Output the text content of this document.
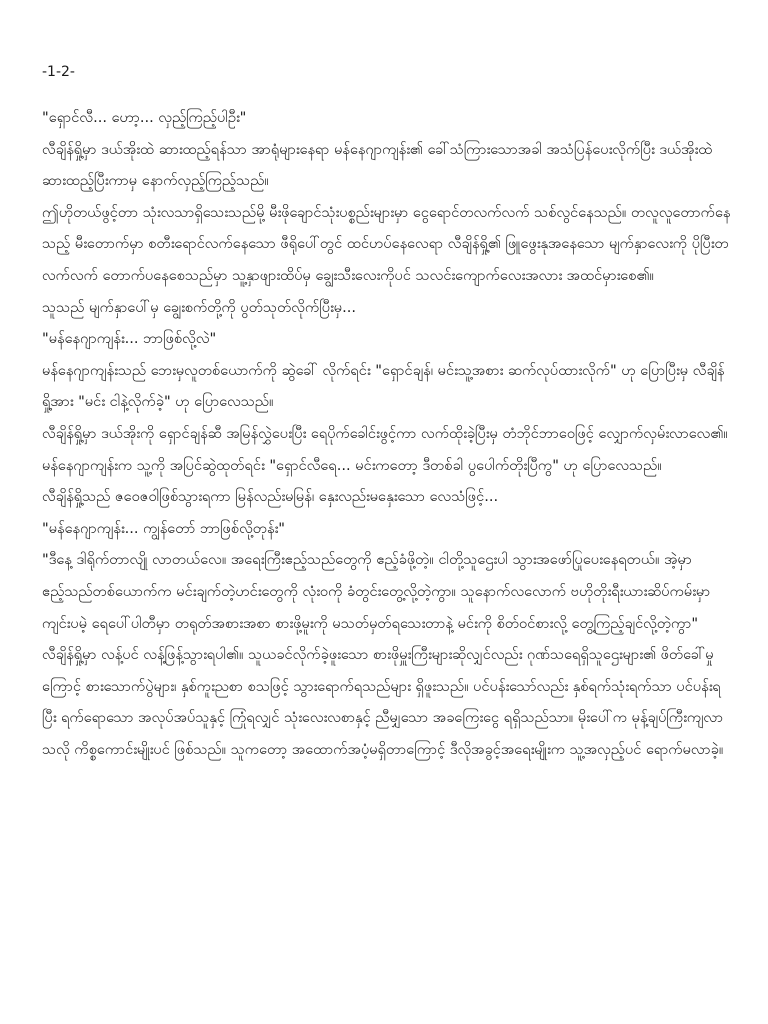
-1-2-

"ရှောင်လီ... ဟော့... လှည့်ကြည့်ပါဦး"

လီချိန်ရှို့မှာ ဒယ်အိုးထဲ ဆားထည့်ရန်သာ အာရုံများနေရာ မန်နေဂျာကျန်း၏ ခေါ်သံကြားသောအခါ အသံပြန်ပေးလိုက်ပြီး ဒယ်အိုးထဲ ဆားထည့်ပြီးကာမှ နောက်လှည့်ကြည့်သည်။

ဤဟိုတယ်ဖွင့်တာ သုံးလသာရှိသေးသည်မို့ မီးဖိုချောင်သုံးပစ္စည်းများမှာ ငွေရောင်တလက်လက် သစ်လွင်နေသည်။ တလူလူတောက်နေသည့် မီးတောက်မှာ စတီးရောင်လက်နေသော ဖီရိုပေါ်တွင် ထင်ဟပ်နေလေရာ လီချိန်ရှို့၏ ဖြူဖွေးနုအနေသော မျက်နှာလေးကို ပိုပြီးတလက်လက် တောက်ပနေစေသည်မှာ သူ့နှာဖျားထိပ်မှ ချွေးသီးလေးကိုပင် သလင်းကျောက်လေးအလား အထင်မှားစေ၏။

သူသည် မျက်နှာပေါ်မှ ချွေးစက်တို့ကို ပွတ်သုတ်လိုက်ပြီးမှ...

"မန်နေဂျာကျန်း... ဘာဖြစ်လို့လဲ"

မန်နေဂျာကျန်းသည် ဘေးမှလူတစ်ယောက်ကို ဆွဲခေါ် လိုက်ရင်း "ရှောင်ချန်၊ မင်းသူ့အစား ဆက်လုပ်ထားလိုက်" ဟု ပြောပြီးမှ လီချိန်ရှို့အား "မင်း ငါနဲ့လိုက်ခဲ့" ဟု ပြောလေသည်။

လီချိန်ရှို့မှာ ဒယ်အိုးကို ရှောင်ချန်ဆီ အမြန်လွှဲပေးပြီး ရေပိုက်ခေါင်းဖွင့်ကာ လက်ထိုးခဲ့ပြီးမှ တံဘိုင်ဘာဝေဖြင့် လျှောက်လှမ်းလာလေ၏။

မန်နေဂျာကျန်းက သူ့ကို အပြင်ဆွဲထုတ်ရင်း "ရှောင်လီရေ... မင်းကတော့ ဒီတစ်ခါ ပွပေါက်တိုးပြီကွ" ဟု ပြောလေသည်။

လီချိန်ရှို့သည် ဇဝေဇဝါဖြစ်သွားရကာ မြန်လည်းမမြန်၊ နှေးလည်းမနှေးသော လေသံဖြင့်...

"မန်နေဂျာကျန်း... ကျွန်တော် ဘာဖြစ်လို့တုန်း"

"ဒီနေ့ ဒါရိုက်တာလျို လာတယ်လေ။ အရေးကြီးဧည့်သည်တွေကို ဧည့်ခံဖို့တဲ့။ ငါတို့သူဌေးပါ သွားအဖော်ပြုပေးနေရတယ်။ အဲ့မှာ ဧည့်သည်တစ်ယောက်က မင်းချက်တဲ့ဟင်းတွေကို လုံးဝကို ခံတွင်းတွေ့လို့တဲ့ကွာ။ သူနောက်လလောက် ဗဟိုတိုးရီးယားဆိပ်ကမ်းမှာ ကျင်းပမဲ့ ရေပေါ်ပါတီမှာ တရုတ်အစားအစာ စားဖို့မူးကို မသတ်မှတ်ရသေးတာနဲ့ မင်းကို စိတ်ဝင်စားလို့ တွေ့ကြည့်ချင်လို့တဲ့ကွာ"

လီချိန်ရှို့မှာ လန့်ပင် လန့်ဖြန့်သွားရပါ၏။ သူယခင်လိုက်ခဲ့ဖူးသော စားဖိုမှူးကြီးများဆိုလျှင်လည်း ဂုဏ်သရေရှိသူဌေးများ၏ ဖိတ်ခေါ်မှုကြောင့် စားသောက်ပွဲများ၊ နှစ်ကူးညစာ စသဖြင့် သွားရောက်ရသည်များ ရှိဖူးသည်။ ပင်ပန်းသော်လည်း နှစ်ရက်သုံးရက်သာ ပင်ပန်းရပြီး ရက်ရောသော အလုပ်အပ်သူနှင့် ကြုံရလျှင် သုံးလေးလစာနှင့် ညီမျှသော အခကြေးငွေ ရရှိသည်သာ။ မိုးပေါ်က မုန့်ချပ်ကြီးကျလာသလို ကိစ္စကောင်းမျိုးပင် ဖြစ်သည်။ သူကတော့ အထောက်အပံ့မရှိတာကြောင့် ဒီလိုအခွင့်အရေးမျိုးက သူ့အလှည့်ပင် ရောက်မလာခဲ့။
